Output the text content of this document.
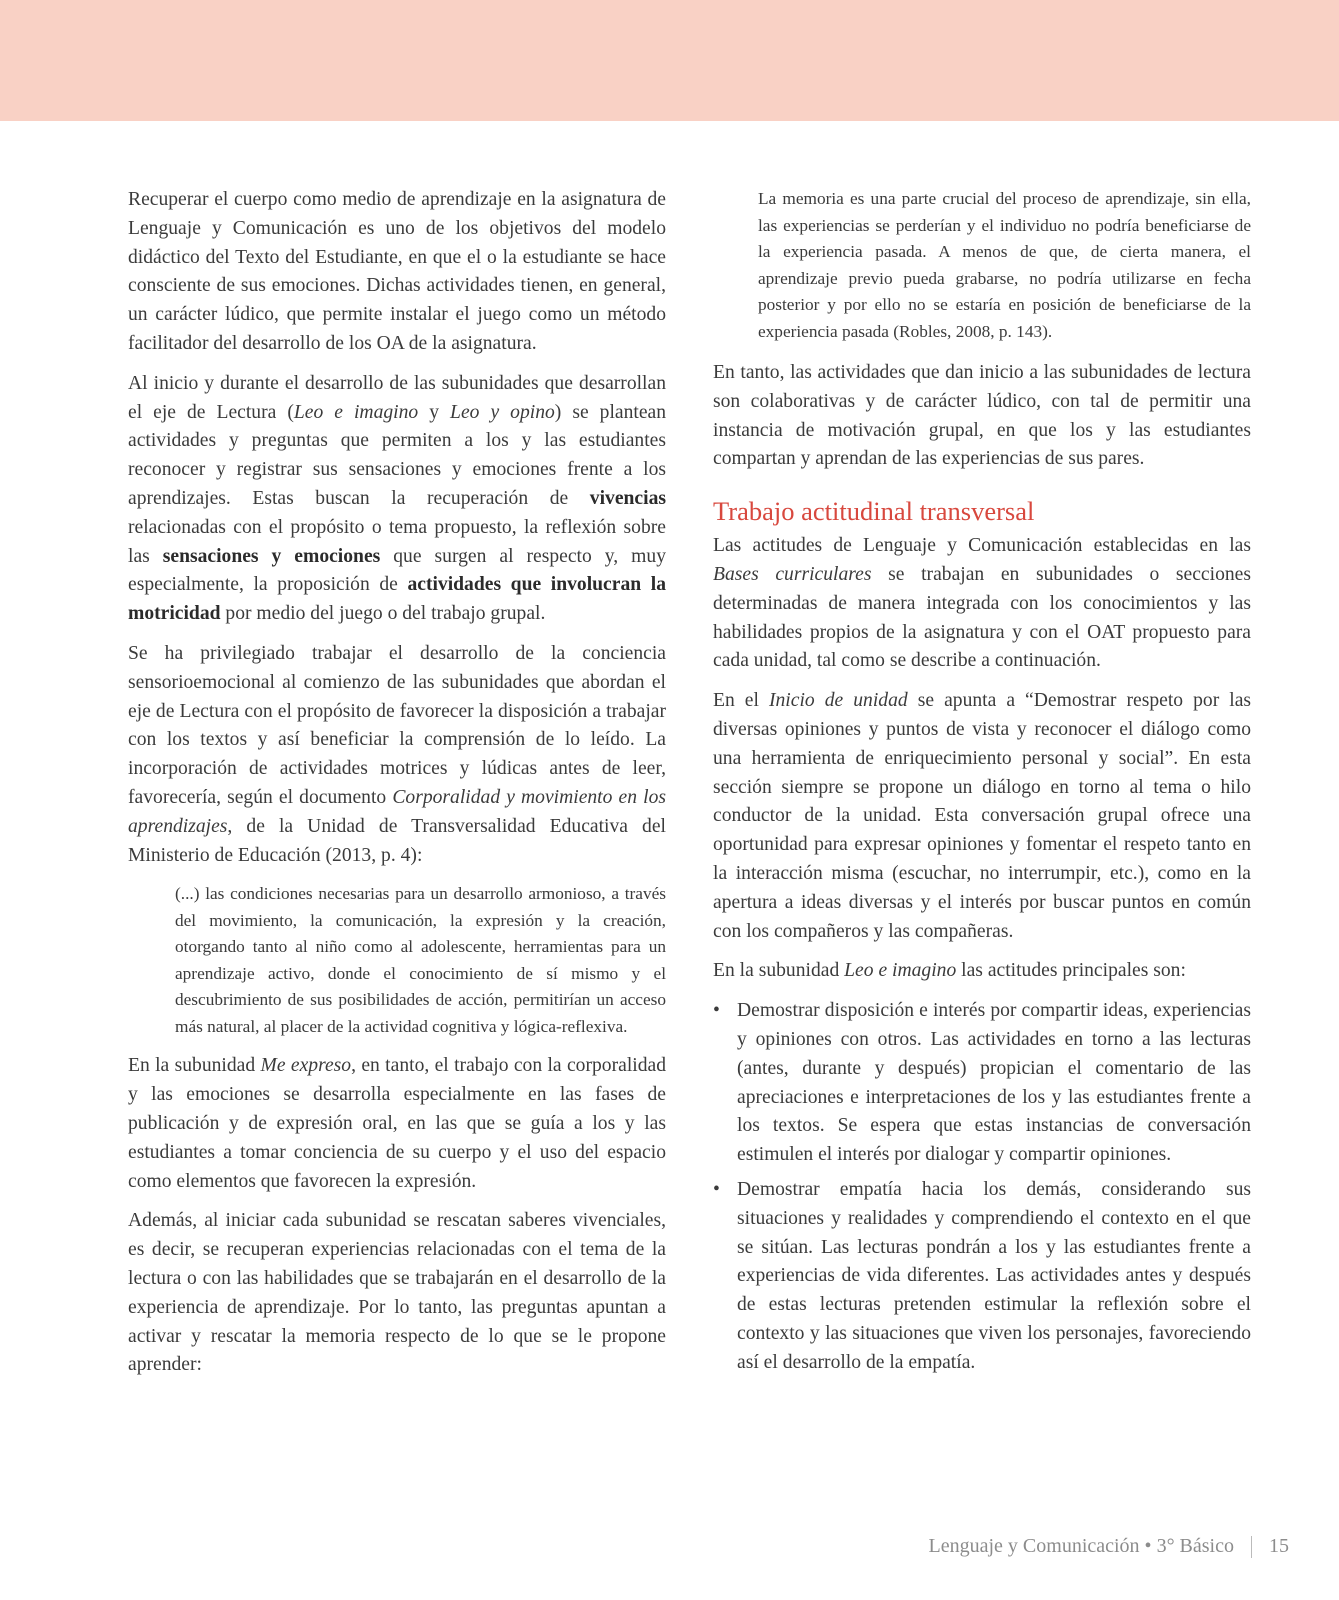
Recuperar el cuerpo como medio de aprendizaje en la asignatura de Lenguaje y Comunicación es uno de los objetivos del modelo didáctico del Texto del Estudiante, en que el o la estudiante se hace consciente de sus emociones. Dichas actividades tienen, en general, un carácter lúdico, que permite instalar el juego como un método facilitador del desarrollo de los OA de la asignatura.

Al inicio y durante el desarrollo de las subunidades que desarrollan el eje de Lectura (Leo e imagino y Leo y opino) se plantean actividades y preguntas que permiten a los y las estudiantes reconocer y registrar sus sensaciones y emociones frente a los aprendizajes. Estas buscan la recuperación de vivencias relacionadas con el propósito o tema propuesto, la reflexión sobre las sensaciones y emociones que surgen al respecto y, muy especialmente, la proposición de actividades que involucran la motricidad por medio del juego o del trabajo grupal.

Se ha privilegiado trabajar el desarrollo de la conciencia sensorioemocional al comienzo de las subunidades que abordan el eje de Lectura con el propósito de favorecer la disposición a trabajar con los textos y así beneficiar la comprensión de lo leído. La incorporación de actividades motrices y lúdicas antes de leer, favorecería, según el documento Corporalidad y movimiento en los aprendizajes, de la Unidad de Transversalidad Educativa del Ministerio de Educación (2013, p. 4):

(...) las condiciones necesarias para un desarrollo armonioso, a través del movimiento, la comunicación, la expresión y la creación, otorgando tanto al niño como al adolescente, herramientas para un aprendizaje activo, donde el conocimiento de sí mismo y el descubrimiento de sus posibilidades de acción, permitirían un acceso más natural, al placer de la actividad cognitiva y lógica-reflexiva.

En la subunidad Me expreso, en tanto, el trabajo con la corporalidad y las emociones se desarrolla especialmente en las fases de publicación y de expresión oral, en las que se guía a los y las estudiantes a tomar conciencia de su cuerpo y el uso del espacio como elementos que favorecen la expresión.

Además, al iniciar cada subunidad se rescatan saberes vivenciales, es decir, se recuperan experiencias relacionadas con el tema de la lectura o con las habilidades que se trabajarán en el desarrollo de la experiencia de aprendizaje. Por lo tanto, las preguntas apuntan a activar y rescatar la memoria respecto de lo que se le propone aprender:

La memoria es una parte crucial del proceso de aprendizaje, sin ella, las experiencias se perderían y el individuo no podría beneficiarse de la experiencia pasada. A menos de que, de cierta manera, el aprendizaje previo pueda grabarse, no podría utilizarse en fecha posterior y por ello no se estaría en posición de beneficiarse de la experiencia pasada (Robles, 2008, p. 143).

En tanto, las actividades que dan inicio a las subunidades de lectura son colaborativas y de carácter lúdico, con tal de permitir una instancia de motivación grupal, en que los y las estudiantes compartan y aprendan de las experiencias de sus pares.

Trabajo actitudinal transversal

Las actitudes de Lenguaje y Comunicación establecidas en las Bases curriculares se trabajan en subunidades o secciones determinadas de manera integrada con los conocimientos y las habilidades propios de la asignatura y con el OAT propuesto para cada unidad, tal como se describe a continuación.

En el Inicio de unidad se apunta a “Demostrar respeto por las diversas opiniones y puntos de vista y reconocer el diálogo como una herramienta de enriquecimiento personal y social”. En esta sección siempre se propone un diálogo en torno al tema o hilo conductor de la unidad. Esta conversación grupal ofrece una oportunidad para expresar opiniones y fomentar el respeto tanto en la interacción misma (escuchar, no interrumpir, etc.), como en la apertura a ideas diversas y el interés por buscar puntos en común con los compañeros y las compañeras.

En la subunidad Leo e imagino las actitudes principales son:

• Demostrar disposición e interés por compartir ideas, experiencias y opiniones con otros. Las actividades en torno a las lecturas (antes, durante y después) propician el comentario de las apreciaciones e interpretaciones de los y las estudiantes frente a los textos. Se espera que estas instancias de conversación estimulen el interés por dialogar y compartir opiniones.
• Demostrar empatía hacia los demás, considerando sus situaciones y realidades y comprendiendo el contexto en el que se sitúan. Las lecturas pondrán a los y las estudiantes frente a experiencias de vida diferentes. Las actividades antes y después de estas lecturas pretenden estimular la reflexión sobre el contexto y las situaciones que viven los personajes, favoreciendo así el desarrollo de la empatía.
Lenguaje y Comunicación • 3° Básico 15
